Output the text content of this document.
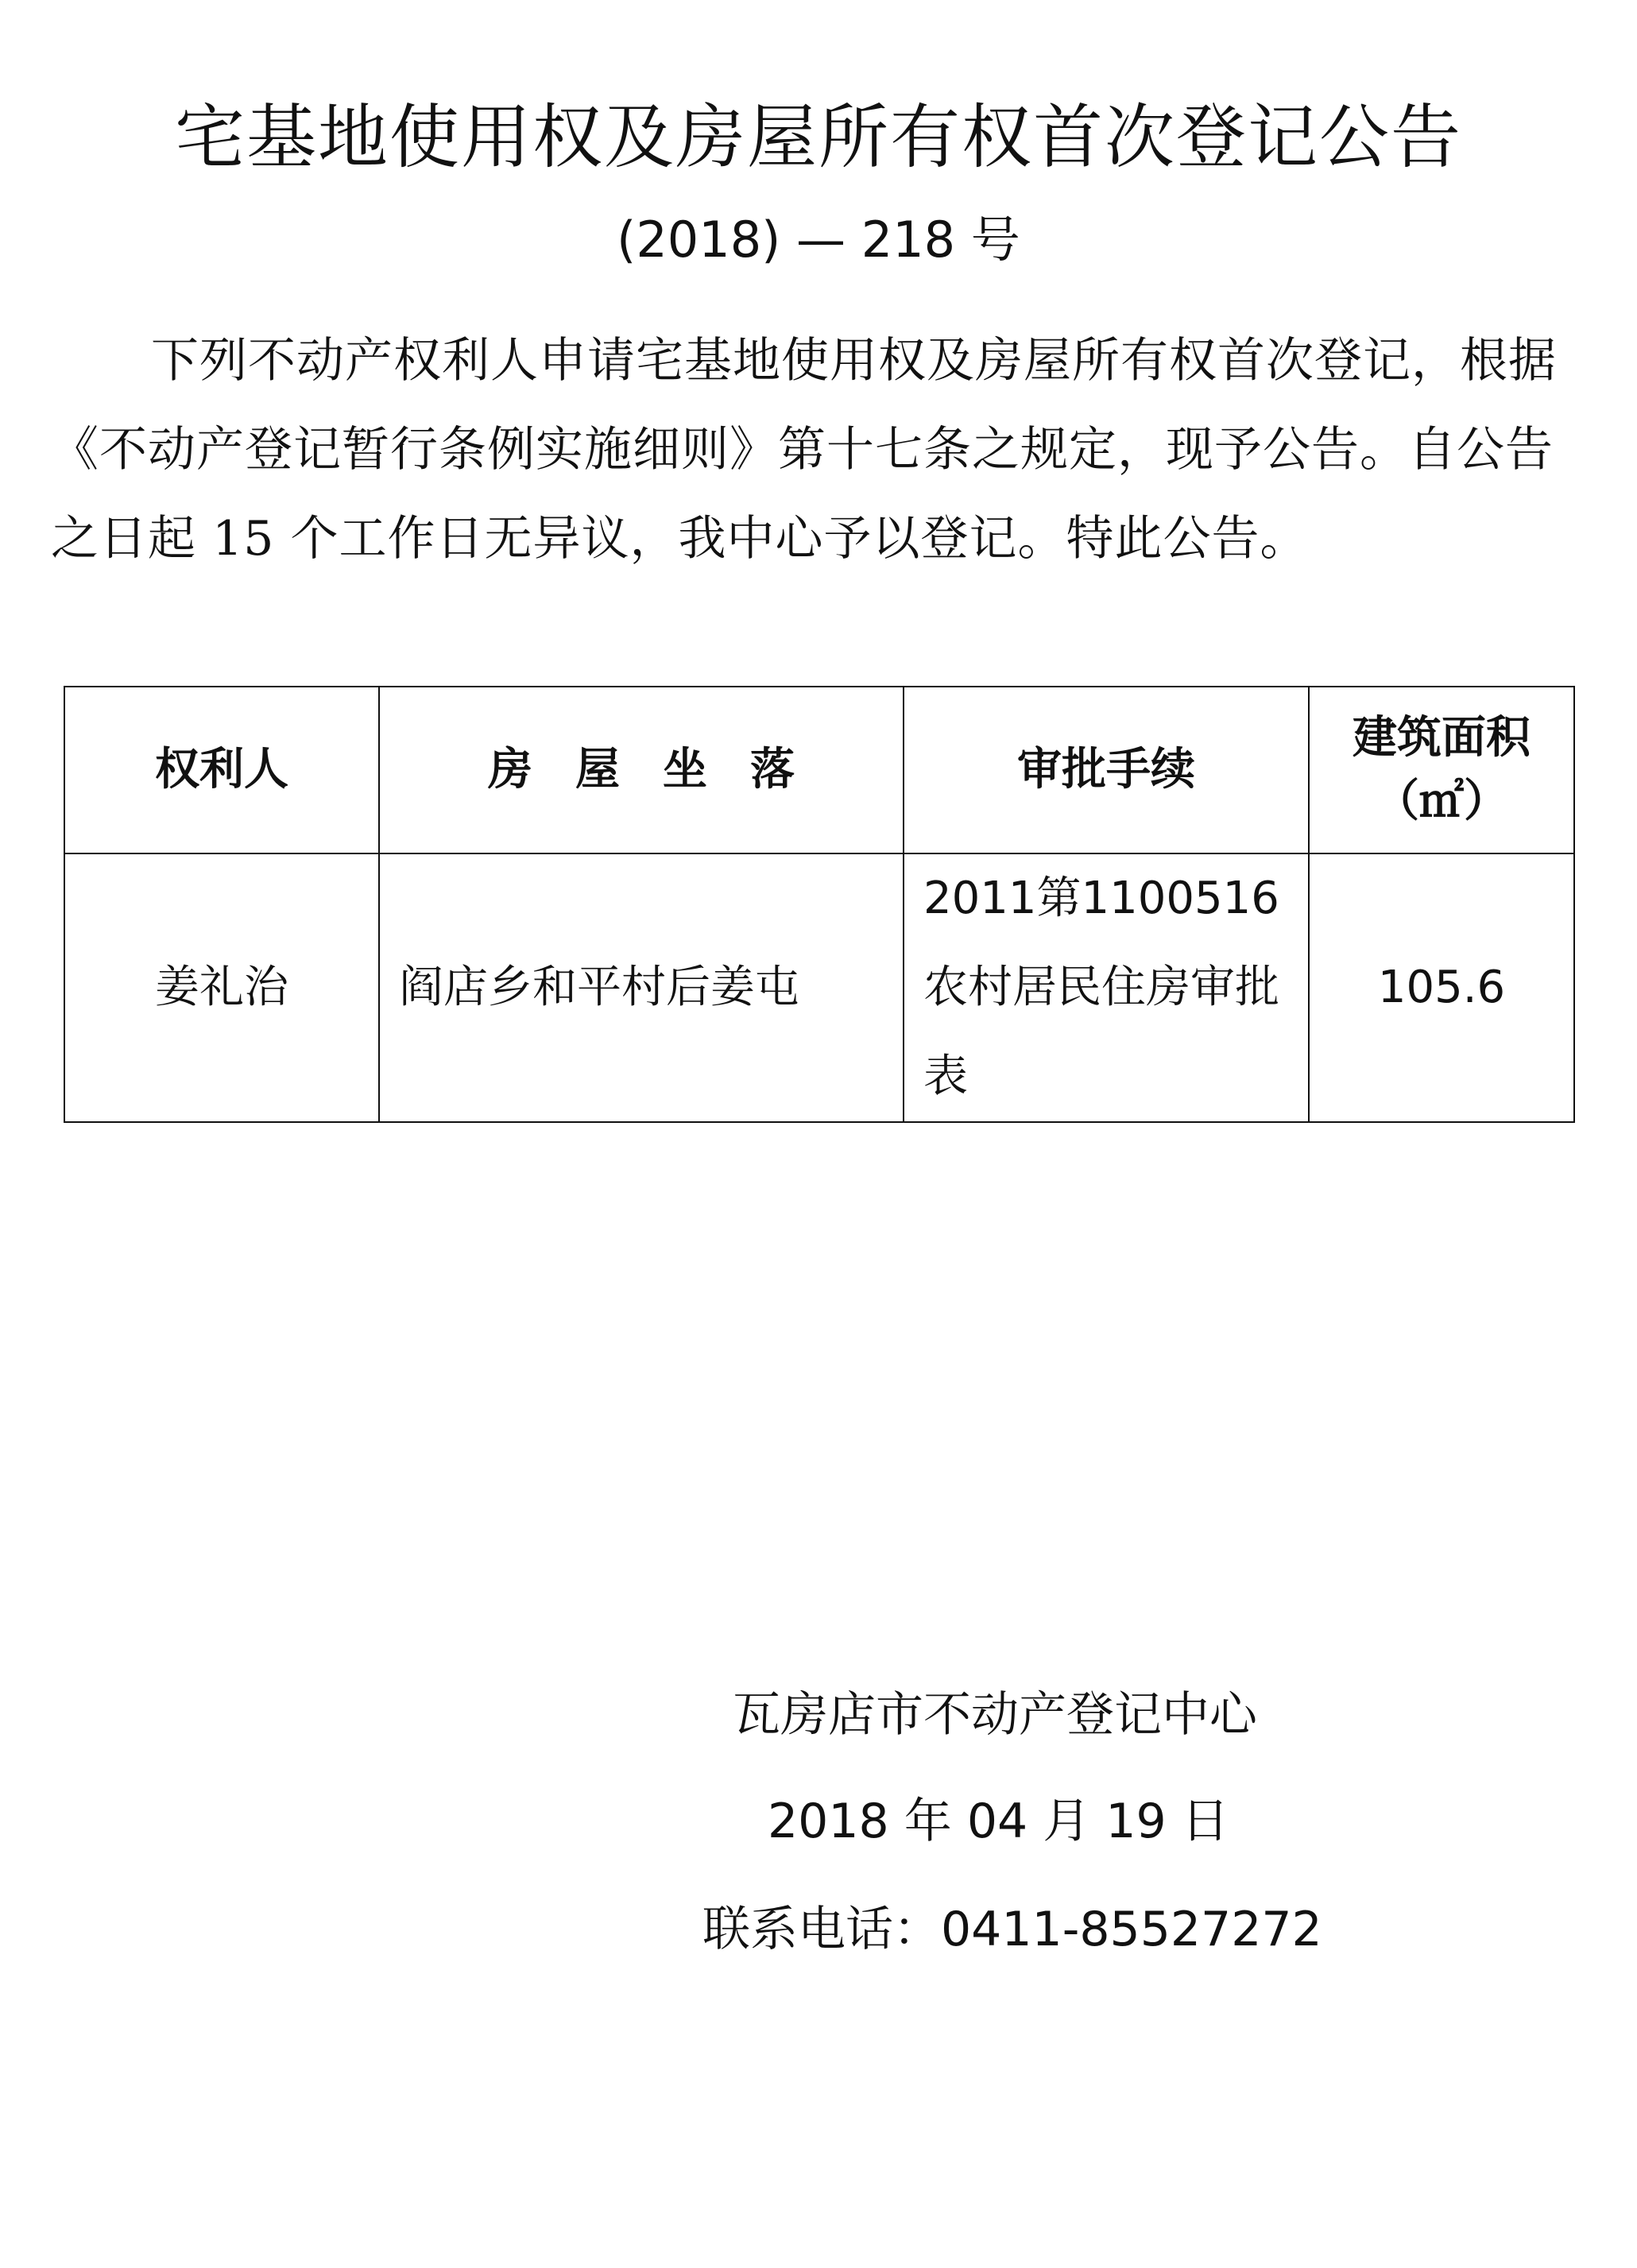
宅基地使用权及房屋所有权首次登记公告
(2018) — 218 号
下列不动产权利人申请宅基地使用权及房屋所有权首次登记，根据《不动产登记暂行条例实施细则》第十七条之规定，现予公告。自公告之日起 15 个工作日无异议，我中心予以登记。特此公告。
权利人	房屋坐落	审批手续	建筑面积
（㎡）

姜礼治	阎店乡和平村后姜屯	2011第1100516农村居民住房审批表	105.6
瓦房店市不动产登记中心
2018 年 04 月 19 日
联系电话：0411-85527272
